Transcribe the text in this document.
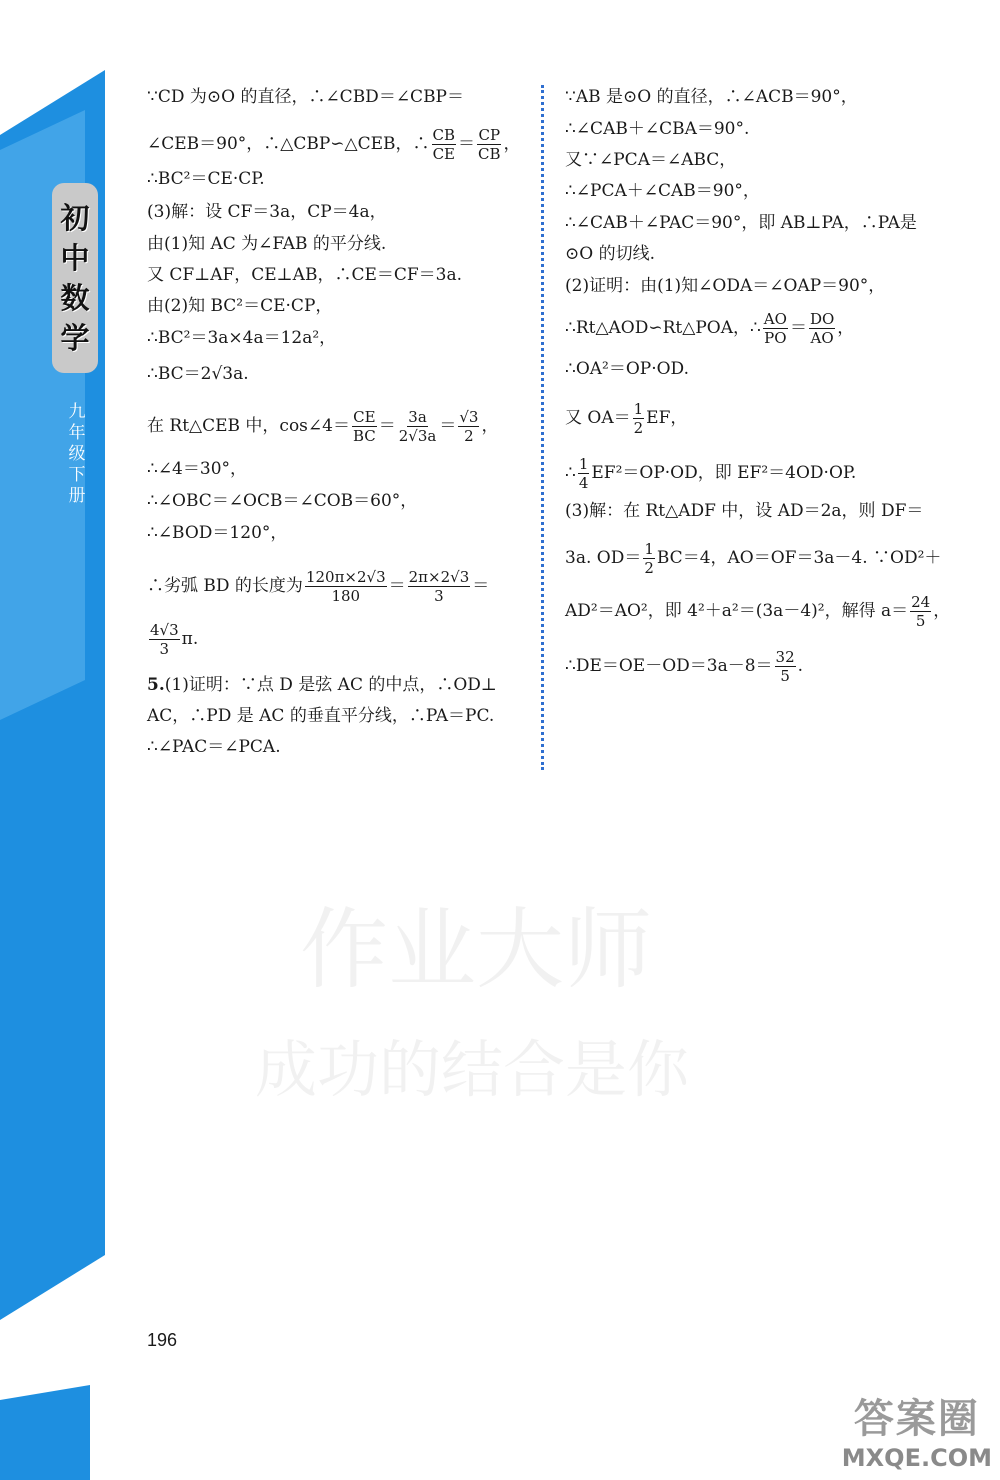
初
中
数
学
九
年
级
下
册
作业大师
成功的结合是你
∵CD 为⊙O 的直径，∴∠CBD＝∠CBP＝
∠CEB＝90°，∴△CBP∽△CEB，∴ $\frac{CB}{CE} = \frac{CP}{CB}$ ，
∴BC²＝CE·CP.
(3)解：设 CF＝3a，CP＝4a，
由(1)知 AC 为∠FAB 的平分线.
又 CF⊥AF，CE⊥AB，∴CE＝CF＝3a.
由(2)知 BC²＝CE·CP，
∴BC²＝3a×4a＝12a²，
∴BC＝2√3a.
在 Rt△CEB 中，cos∠4＝ $\frac{CE}{BC} = \frac{3a}{2√3a} = \frac{√3}{2}$ ，
∴∠4＝30°，
∴∠OBC＝∠OCB＝∠COB＝60°，
∴∠BOD＝120°，
∴劣弧 BD 的长度为 $\frac{120\pi\times 2√3}{180} = \frac{2\pi\times 2√3}{3}$ ＝
$\frac{4√3}{3} \pi$.
5.(1)证明：∵点 D 是弦 AC 的中点，∴OD⊥
AC，∴PD 是 AC 的垂直平分线，∴PA＝PC.
∴∠PAC＝∠PCA.
∵AB 是⊙O 的直径，∴∠ACB＝90°，
∴∠CAB＋∠CBA＝90°.
又∵∠PCA＝∠ABC，
∴∠PCA＋∠CAB＝90°，
∴∠CAB＋∠PAC＝90°，即 AB⊥PA，∴PA是
⊙O 的切线.
(2)证明：由(1)知∠ODA＝∠OAP＝90°，
∴Rt△AOD∽Rt△POA，∴ $\frac{AO}{PO} = \frac{DO}{AO}$ ，
∴OA²＝OP·OD.
又 $OA= \frac{1}{2}$ EF，
∴ $\frac{1}{4} EF^2=OP\cdot OD$，即 EF²＝4OD·OP.
(3)解：在 Rt△ADF 中，设 AD＝2a，则 DF＝
3a. $OD= \frac{1}{2} BC=4$，AO＝OF＝3a－4. ∵OD²＋
AD²＝AO²，即 4²＋a²＝(3a－4)²，解得 $a= \frac{24}{5}$ ，
∴DE＝OE－OD＝3a－8＝ $\frac{32}{5}$ .
196
答案圈
MXQE.COM
